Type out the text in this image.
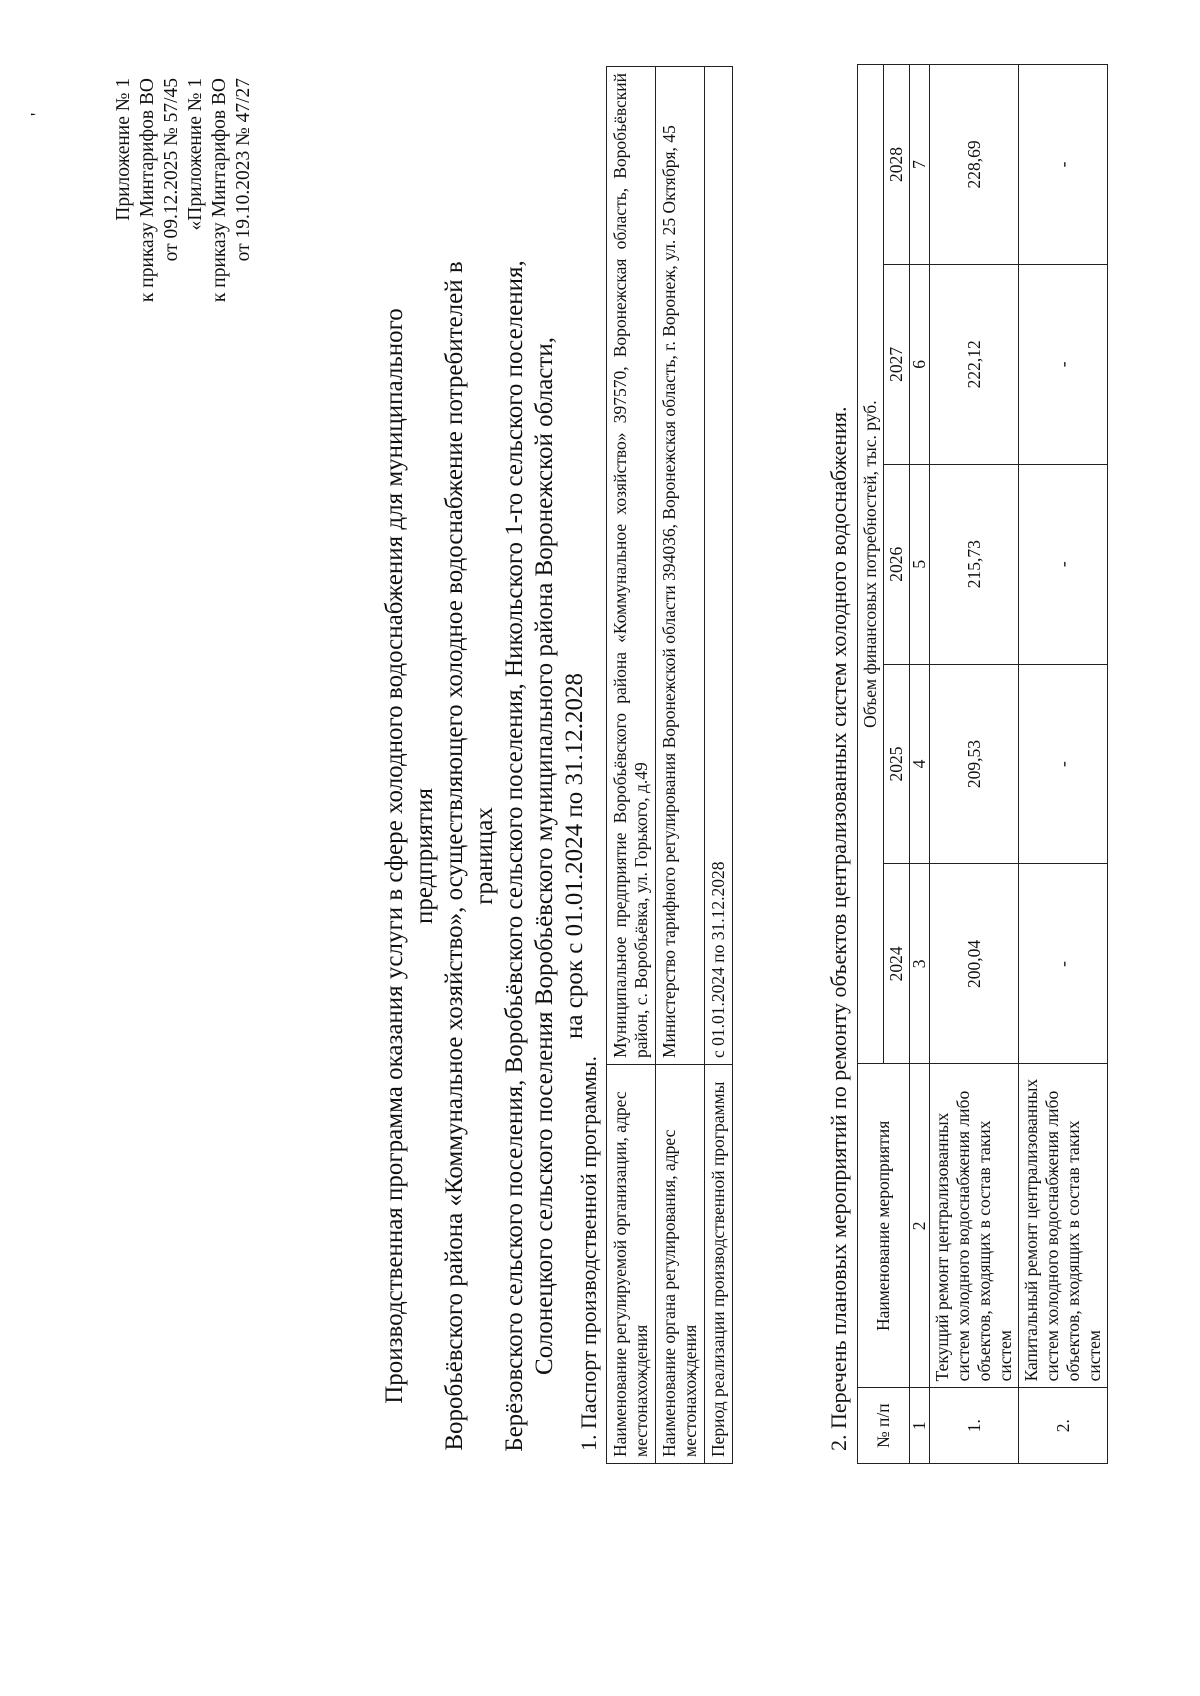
'	Приложение № 1 к приказу Минтарифов ВО от 09.12.2025 № 57/45 «Приложение № 1 к приказу Минтарифов ВО от 19.10.2023 № 47/27
Производственная программа оказания услуги в сфере холодного водоснабжения для муниципального предприятия Воробьёвского района «Коммунальное хозяйство», осуществляющего холодное водоснабжение потребителей в границах Берёзовского сельского поселения, Воробьёвского сельского поселения, Никольского 1-го сельского поселения, Солонецкого сельского поселения Воробьёвского муниципального района Воронежской области, на срок с 01.01.2024 по 31.12.2028
1. Паспорт производственной программы. Наименование регулируемой организации, адрес местонахождения	Муниципальное предприятие Воробьёвского района «Коммунальное хозяйство» 397570, Воронежская область, Воробьёвский район, с. Воробьёвка, ул. Горького, д.49
Наименование органа регулирования, адрес местонахождения	Министерство тарифного регулирования Воронежской области 394036, Воронежская область, г. Воронеж, ул. 25 Октября, 45
Период реализации производственной программы	с 01.01.2024 по 31.12.2028	2. Перечень плановых мероприятий по ремонту объектов централизованных систем холодного водоснабжения. № п/п	Наименование мероприятия	Объем финансовых потребностей, тыс. руб.				
		2024	2025	2026	2027	2028
1	2	3	4	5	6	7
1.	Текущий ремонт централизованных систем холодного водоснабжения либо объектов, входящих в состав таких систем	200,04	209,53	215,73	222,12	228,69
2.	Капитальный ремонт централизованных систем холодного водоснабжения либо объектов, входящих в состав таких систем	-	-	-	-	-
